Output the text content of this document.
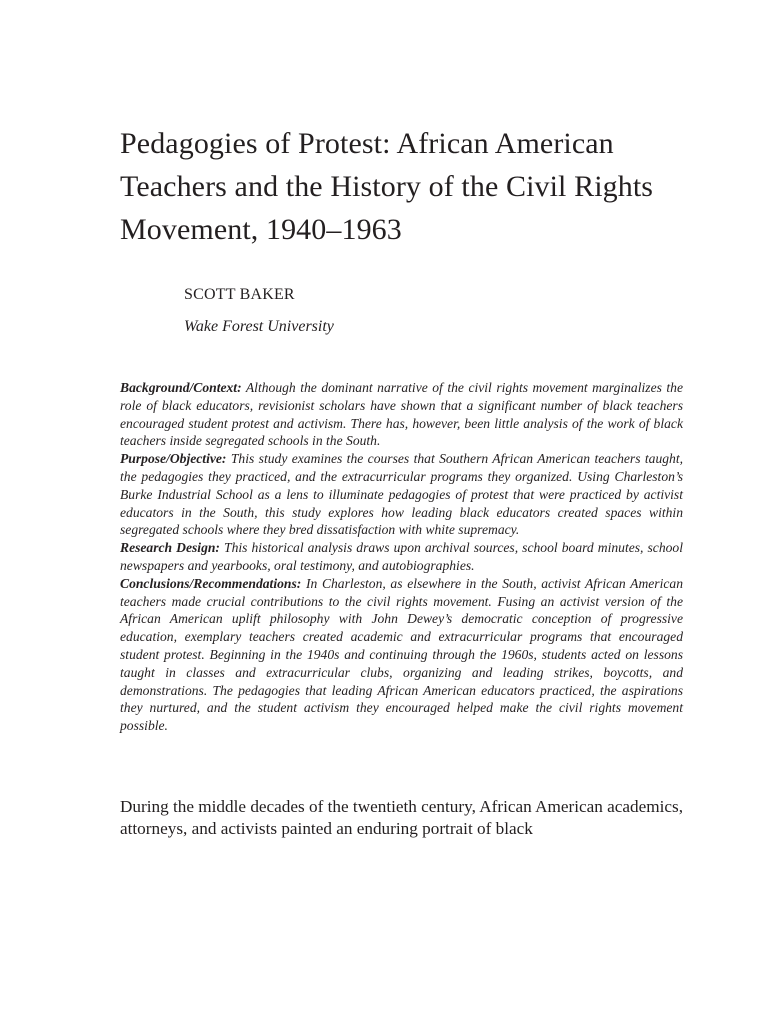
Pedagogies of Protest: African American Teachers and the History of the Civil Rights Movement, 1940–1963
SCOTT BAKER
Wake Forest University

Background/Context: Although the dominant narrative of the civil rights movement marginalizes the role of black educators, revisionist scholars have shown that a significant number of black teachers encouraged student protest and activism. There has, however, been little analysis of the work of black teachers inside segregated schools in the South.

Purpose/Objective: This study examines the courses that Southern African American teachers taught, the pedagogies they practiced, and the extracurricular programs they organized. Using Charleston’s Burke Industrial School as a lens to illuminate pedagogies of protest that were practiced by activist educators in the South, this study explores how leading black educators created spaces within segregated schools where they bred dissatisfaction with white supremacy.

Research Design: This historical analysis draws upon archival sources, school board minutes, school newspapers and yearbooks, oral testimony, and autobiographies.

Conclusions/Recommendations: In Charleston, as elsewhere in the South, activist African American teachers made crucial contributions to the civil rights movement. Fusing an activist version of the African American uplift philosophy with John Dewey’s democratic conception of progressive education, exemplary teachers created academic and extracurricular programs that encouraged student protest. Beginning in the 1940s and continuing through the 1960s, students acted on lessons taught in classes and extracurricular clubs, organizing and leading strikes, boycotts, and demonstrations. The pedagogies that leading African American educators practiced, the aspirations they nurtured, and the student activism they encouraged helped make the civil rights movement possible.

During the middle decades of the twentieth century, African American academics, attorneys, and activists painted an enduring portrait of black
